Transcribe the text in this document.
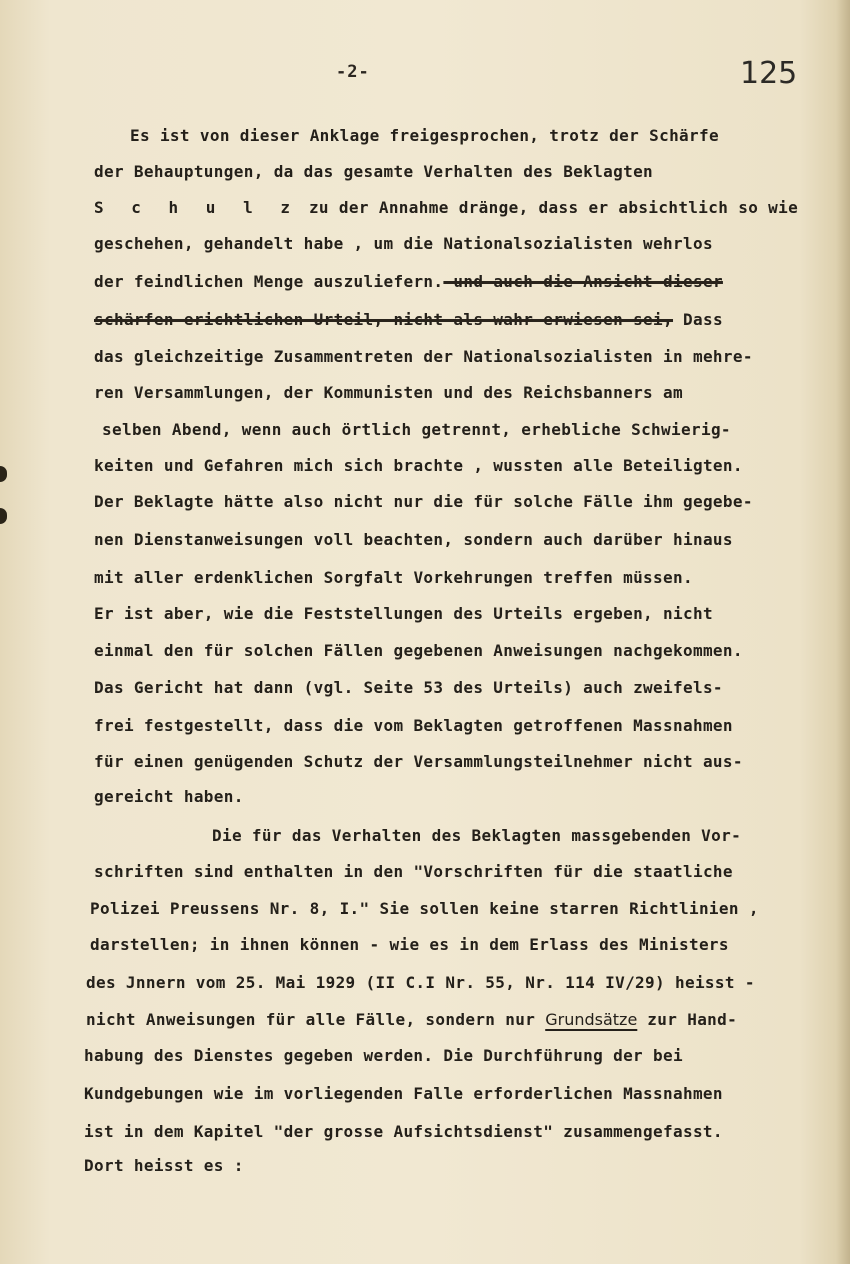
-2-	125
Es ist von dieser Anklage freigesprochen, trotz der Schärfe
der Behauptungen, da das gesamte Verhalten des Beklagten
S c h u l z zu der Annahme dränge, dass er absichtlich so wie
geschehen, gehandelt habe , um die Nationalsozialisten wehrlos
der feindlichen Menge auszuliefern.-und auch die Ansicht dieser
schärfen erichtlichen Urteil, nicht als wahr erwiesen sei, Dass
das gleichzeitige Zusammentreten der Nationalsozialisten in mehre-
ren Versammlungen, der Kommunisten und des Reichsbanners am
selben Abend, wenn auch örtlich getrennt, erhebliche Schwierig-
keiten und Gefahren mich sich brachte , wussten alle Beteiligten.
Der Beklagte hätte also nicht nur die für solche Fälle ihm gegebe-
nen Dienstanweisungen voll beachten, sondern auch darüber hinaus
mit aller erdenklichen Sorgfalt Vorkehrungen treffen müssen.
Er ist aber, wie die Feststellungen des Urteils ergeben, nicht
einmal den für solchen Fällen gegebenen Anweisungen nachgekommen.
Das Gericht hat dann (vgl. Seite 53 des Urteils) auch zweifels-
frei festgestellt, dass die vom Beklagten getroffenen Massnahmen
für einen genügenden Schutz der Versammlungsteilnehmer nicht aus-
gereicht haben.
Die für das Verhalten des Beklagten massgebenden Vor-
schriften sind enthalten in den "Vorschriften für die staatliche
Polizei Preussens Nr. 8, I." Sie sollen keine starren Richtlinien ,
darstellen; in ihnen können - wie es in dem Erlass des Ministers
des Jnnern vom 25. Mai 1929 (II C.I Nr. 55, Nr. 114 IV/29) heisst -
nicht Anweisungen für alle Fälle, sondern nur Grundsätze zur Hand-
habung des Dienstes gegeben werden. Die Durchführung der bei
Kundgebungen wie im vorliegenden Falle erforderlichen Massnahmen
ist in dem Kapitel "der grosse Aufsichtsdienst" zusammengefasst.
Dort heisst es :
